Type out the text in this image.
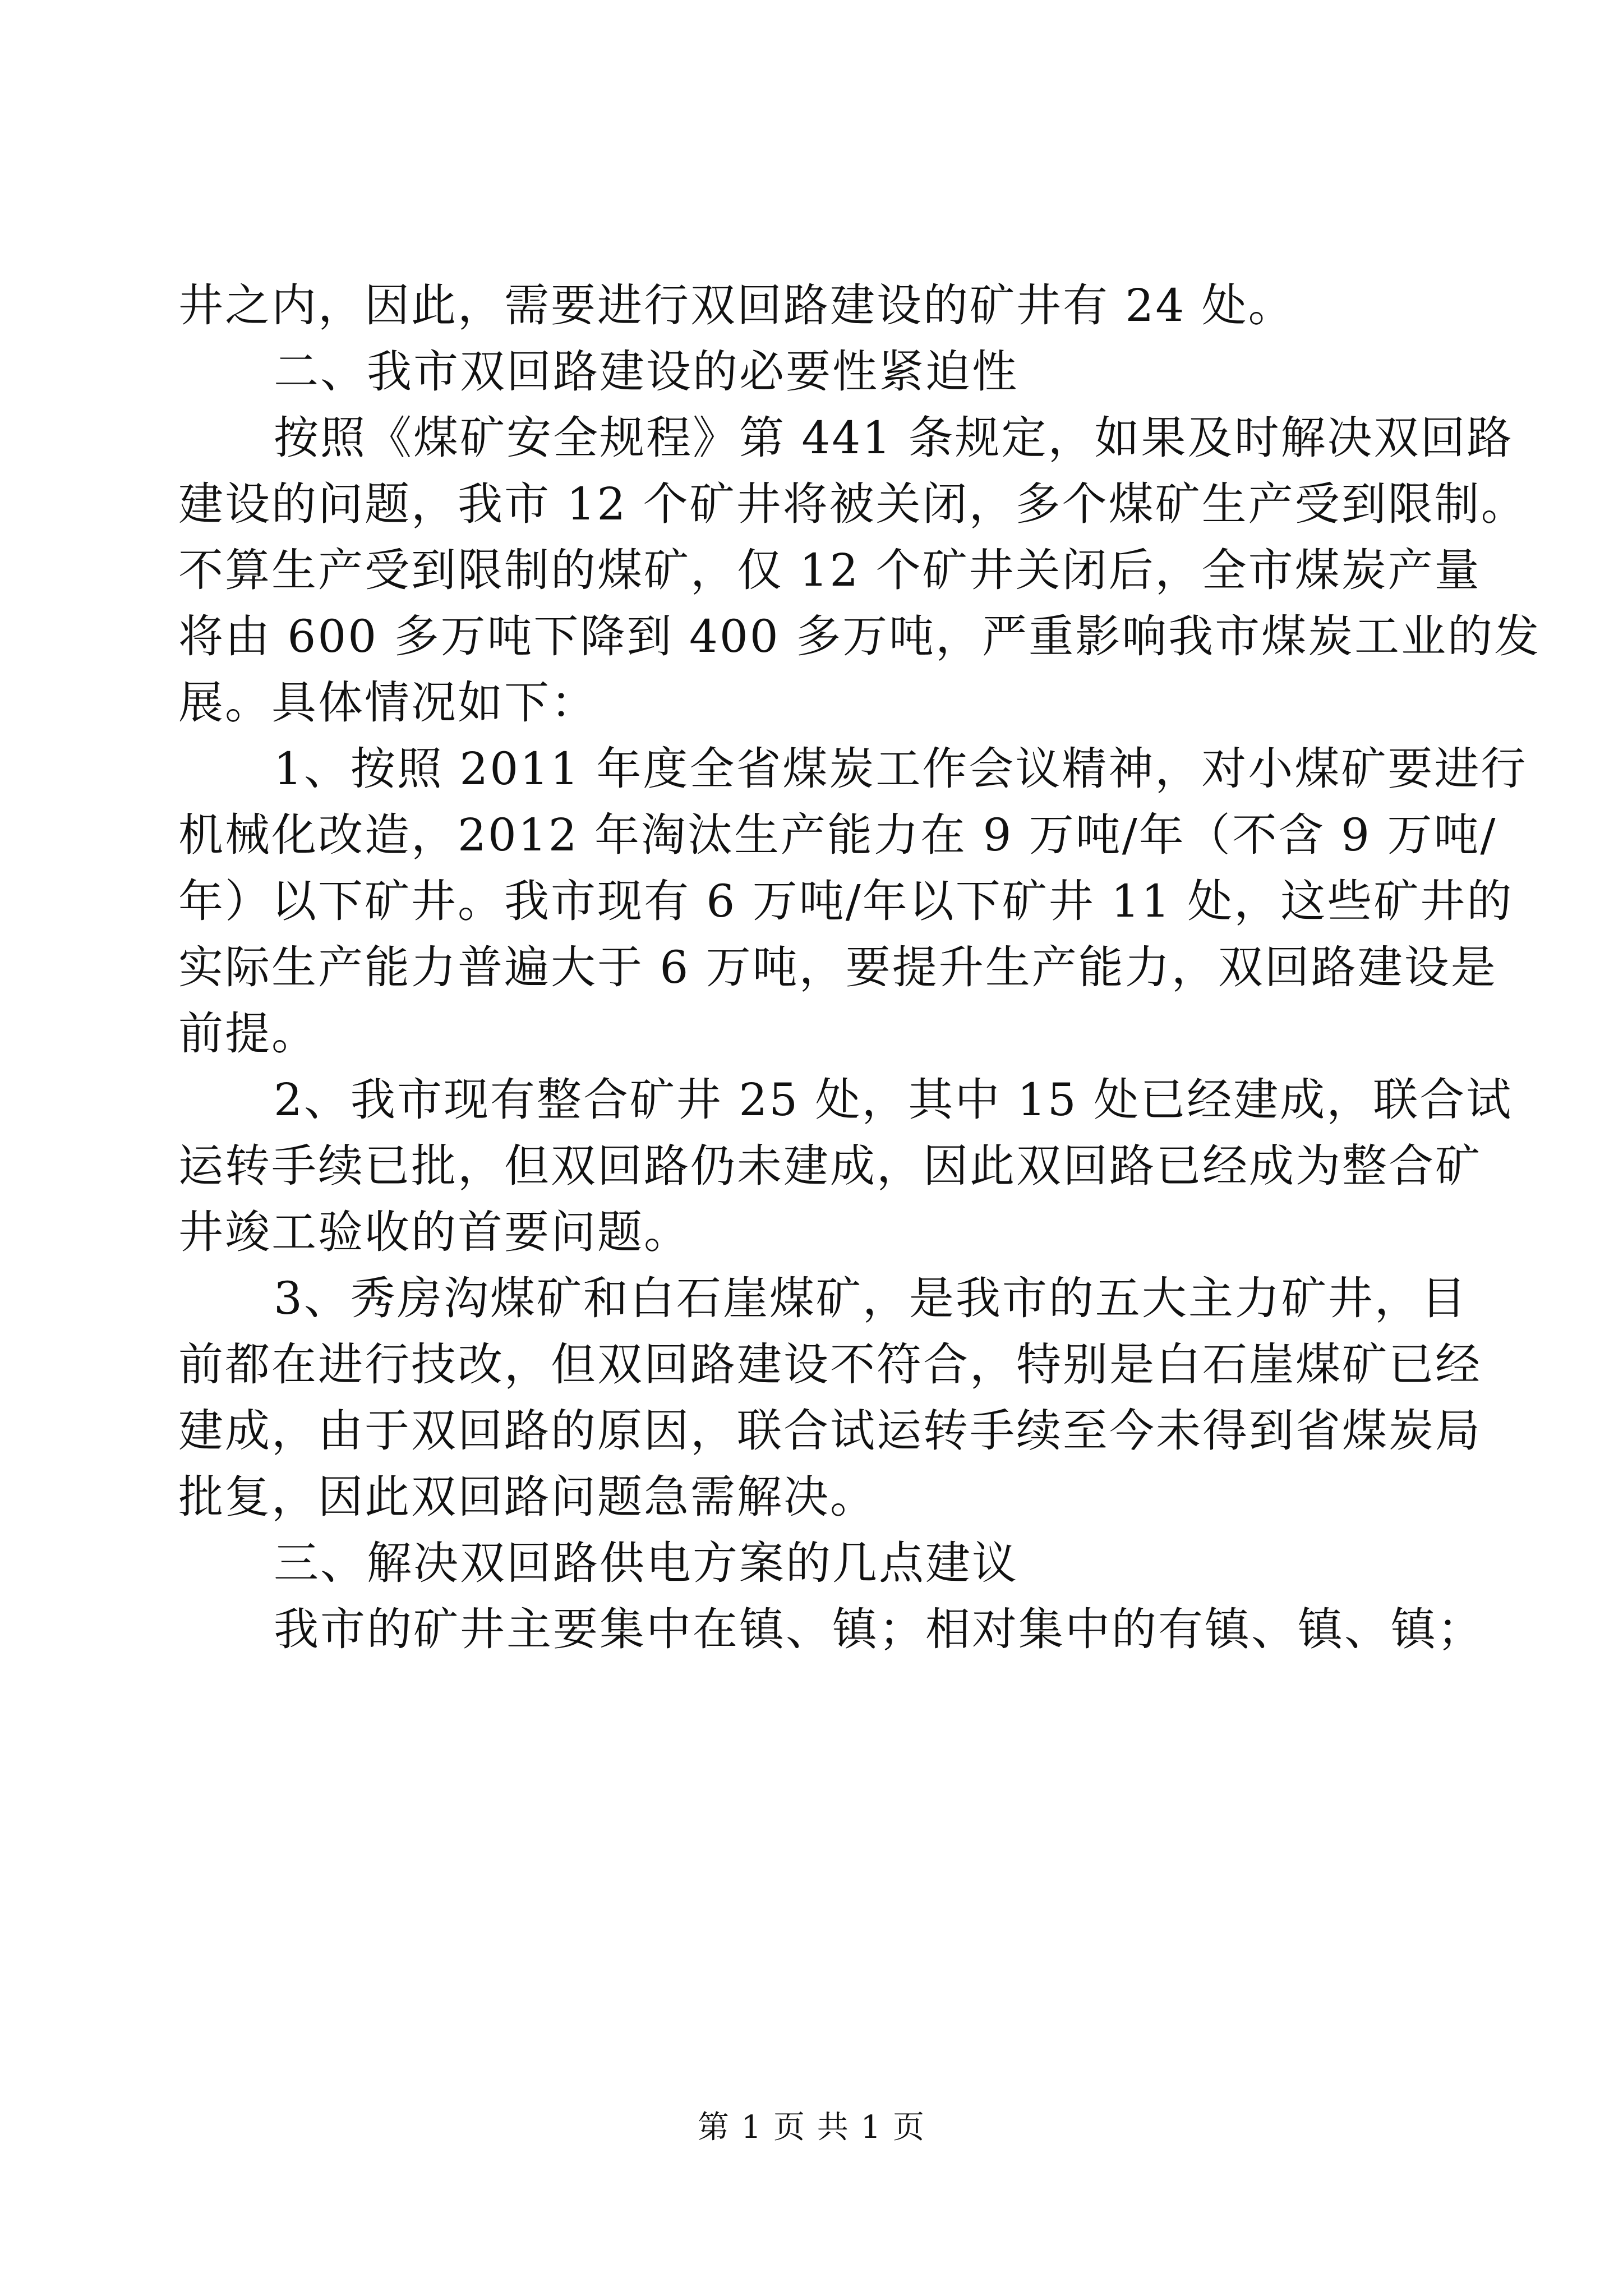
井之内，因此，需要进行双回路建设的矿井有 24 处。
二、我市双回路建设的必要性紧迫性
按照《煤矿安全规程》第 441 条规定，如果及时解决双回路
建设的问题，我市 12 个矿井将被关闭，多个煤矿生产受到限制。
不算生产受到限制的煤矿，仅 12 个矿井关闭后，全市煤炭产量
将由 600 多万吨下降到 400 多万吨，严重影响我市煤炭工业的发
展。具体情况如下：
1、按照 2011 年度全省煤炭工作会议精神，对小煤矿要进行
机械化改造，2012 年淘汰生产能力在 9 万吨/年（不含 9 万吨/
年）以下矿井。我市现有 6 万吨/年以下矿井 11 处，这些矿井的
实际生产能力普遍大于 6 万吨，要提升生产能力，双回路建设是
前提。
2、我市现有整合矿井 25 处，其中 15 处已经建成，联合试
运转手续已批，但双回路仍未建成，因此双回路已经成为整合矿
井竣工验收的首要问题。
3、秀房沟煤矿和白石崖煤矿，是我市的五大主力矿井，目
前都在进行技改，但双回路建设不符合，特别是白石崖煤矿已经
建成，由于双回路的原因，联合试运转手续至今未得到省煤炭局
批复，因此双回路问题急需解决。
三、解决双回路供电方案的几点建议
我市的矿井主要集中在镇、镇；相对集中的有镇、镇、镇；
第 1 页 共 1 页
